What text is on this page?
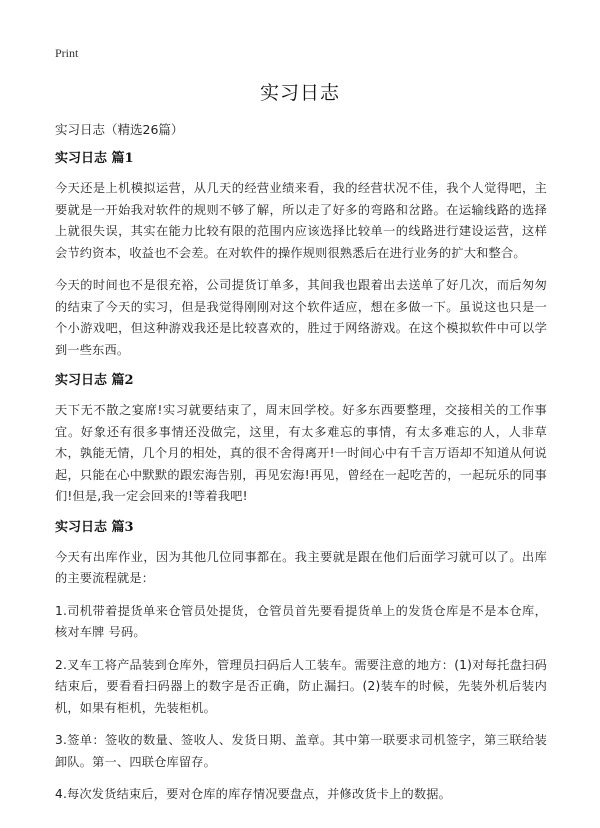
Print
实习日志

实习日志（精选26篇）

实习日志 篇1

今天还是上机模拟运营，从几天的经营业绩来看，我的经营状况不佳，我个人觉得吧，主要就是一开始我对软件的规则不够了解，所以走了好多的弯路和岔路。在运输线路的选择上就很失误，其实在能力比较有限的范围内应该选择比较单一的线路进行建设运营，这样会节约资本，收益也不会差。在对软件的操作规则很熟悉后在进行业务的扩大和整合。

今天的时间也不是很充裕，公司提货订单多，其间我也跟着出去送单了好几次，而后匆匆的结束了今天的实习，但是我觉得刚刚对这个软件适应，想在多做一下。虽说这也只是一个小游戏吧，但这种游戏我还是比较喜欢的，胜过于网络游戏。在这个模拟软件中可以学到一些东西。

实习日志 篇2

天下无不散之宴席!实习就要结束了，周末回学校。好多东西要整理，交接相关的工作事宜。好象还有很多事情还没做完，这里，有太多难忘的事情，有太多难忘的人，人非草木，孰能无情，几个月的相处，真的很不舍得离开!一时间心中有千言万语却不知道从何说起，只能在心中默默的跟宏海告别，再见宏海!再见，曾经在一起吃苦的，一起玩乐的同事们!但是,我一定会回来的!等着我吧!

实习日志 篇3

今天有出库作业，因为其他几位同事都在。我主要就是跟在他们后面学习就可以了。出库的主要流程就是：

1.司机带着提货单来仓管员处提货，仓管员首先要看提货单上的发货仓库是不是本仓库，核对车牌 号码。

2.叉车工将产品装到仓库外，管理员扫码后人工装车。需要注意的地方：(1)对每托盘扫码结束后，要看看扫码器上的数字是否正确，防止漏扫。(2)装车的时候，先装外机后装内机，如果有柜机，先装柜机。

3.签单：签收的数量、签收人、发货日期、盖章。其中第一联要求司机签字，第三联给装卸队。第一、四联仓库留存。

4.每次发货结束后，要对仓库的库存情况要盘点，并修改货卡上的数据。
